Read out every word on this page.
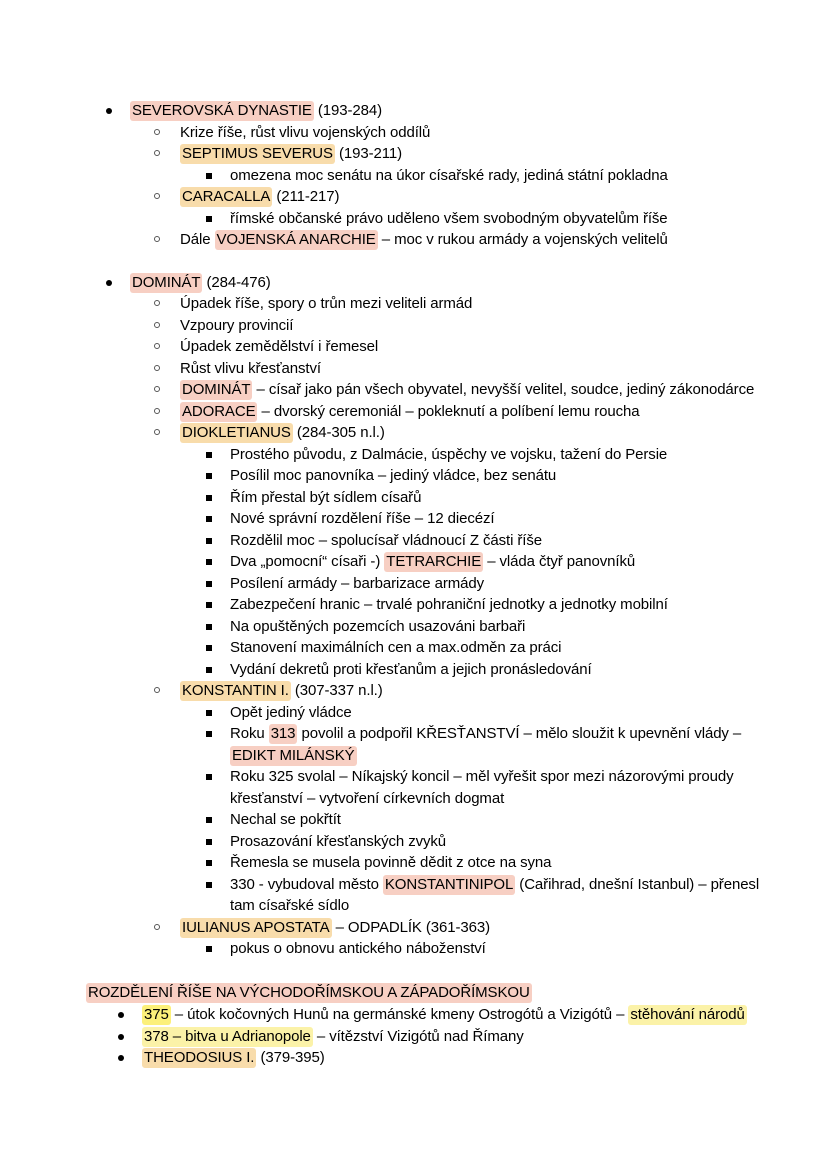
SEVEROVSKÁ DYNASTIE (193-284)
Krize říše, růst vlivu vojenských oddílů
SEPTIMUS SEVERUS (193-211)
omezena moc senátu na úkor císařské rady, jediná státní pokladna
CARACALLA (211-217)
římské občanské právo uděleno všem svobodným obyvatelům říše
Dále VOJENSKÁ ANARCHIE – moc v rukou armády a vojenských velitelů
DOMINÁT (284-476)
Úpadek říše, spory o trůn mezi veliteli armád
Vzpoury provincií
Úpadek zemědělství i řemesel
Růst vlivu křesťanství
DOMINÁT – císař jako pán všech obyvatel, nevyšší velitel, soudce, jediný zákonodárce
ADORACE – dvorský ceremoniál – pokleknutí a políbení lemu roucha
DIOKLETIANUS (284-305 n.l.)
Prostého původu, z Dalmácie, úspěchy ve vojsku, tažení do Persie
Posílil moc panovníka – jediný vládce, bez senátu
Řím přestal být sídlem císařů
Nové správní rozdělení říše – 12 diecézí
Rozdělil moc – spolucísař vládnoucí Z části říše
Dva „pomocní“ císaři -) TETRARCHIE – vláda čtyř panovníků
Posílení armády – barbarizace armády
Zabezpečení hranic – trvalé pohraniční jednotky a jednotky mobilní
Na opuštěných pozemcích usazováni barbaři
Stanovení maximálních cen a max.odměn za práci
Vydání dekretů proti křesťanům a jejich pronásledování
KONSTANTIN I. (307-337 n.l.)
Opět jediný vládce
Roku 313 povolil a podpořil KŘESŤANSTVÍ – mělo sloužit k upevnění vlády – EDIKT MILÁNSKÝ
Roku 325 svolal – Níkajský koncil – měl vyřešit spor mezi názorovými proudy křesťanství – vytvoření církevních dogmat
Nechal se pokřtít
Prosazování křesťanských zvyků
Řemesla se musela povinně dědit z otce na syna
330 - vybudoval město KONSTANTINIPOL (Cařihrad, dnešní Istanbul) – přenesl tam císařské sídlo
IULIANUS APOSTATA – ODPADLÍK (361-363)
pokus o obnovu antického náboženství
ROZDĚLENÍ ŘÍŠE NA VÝCHODOŘÍMSKOU A ZÁPADOŘÍMSKOU
375 – útok kočovných Hunů na germánské kmeny Ostrogótů a Vizigótů – stěhování národů
378 – bitva u Adrianopole – vítězství Vizigótů nad Římany
THEODOSIUS I. (379-395)
